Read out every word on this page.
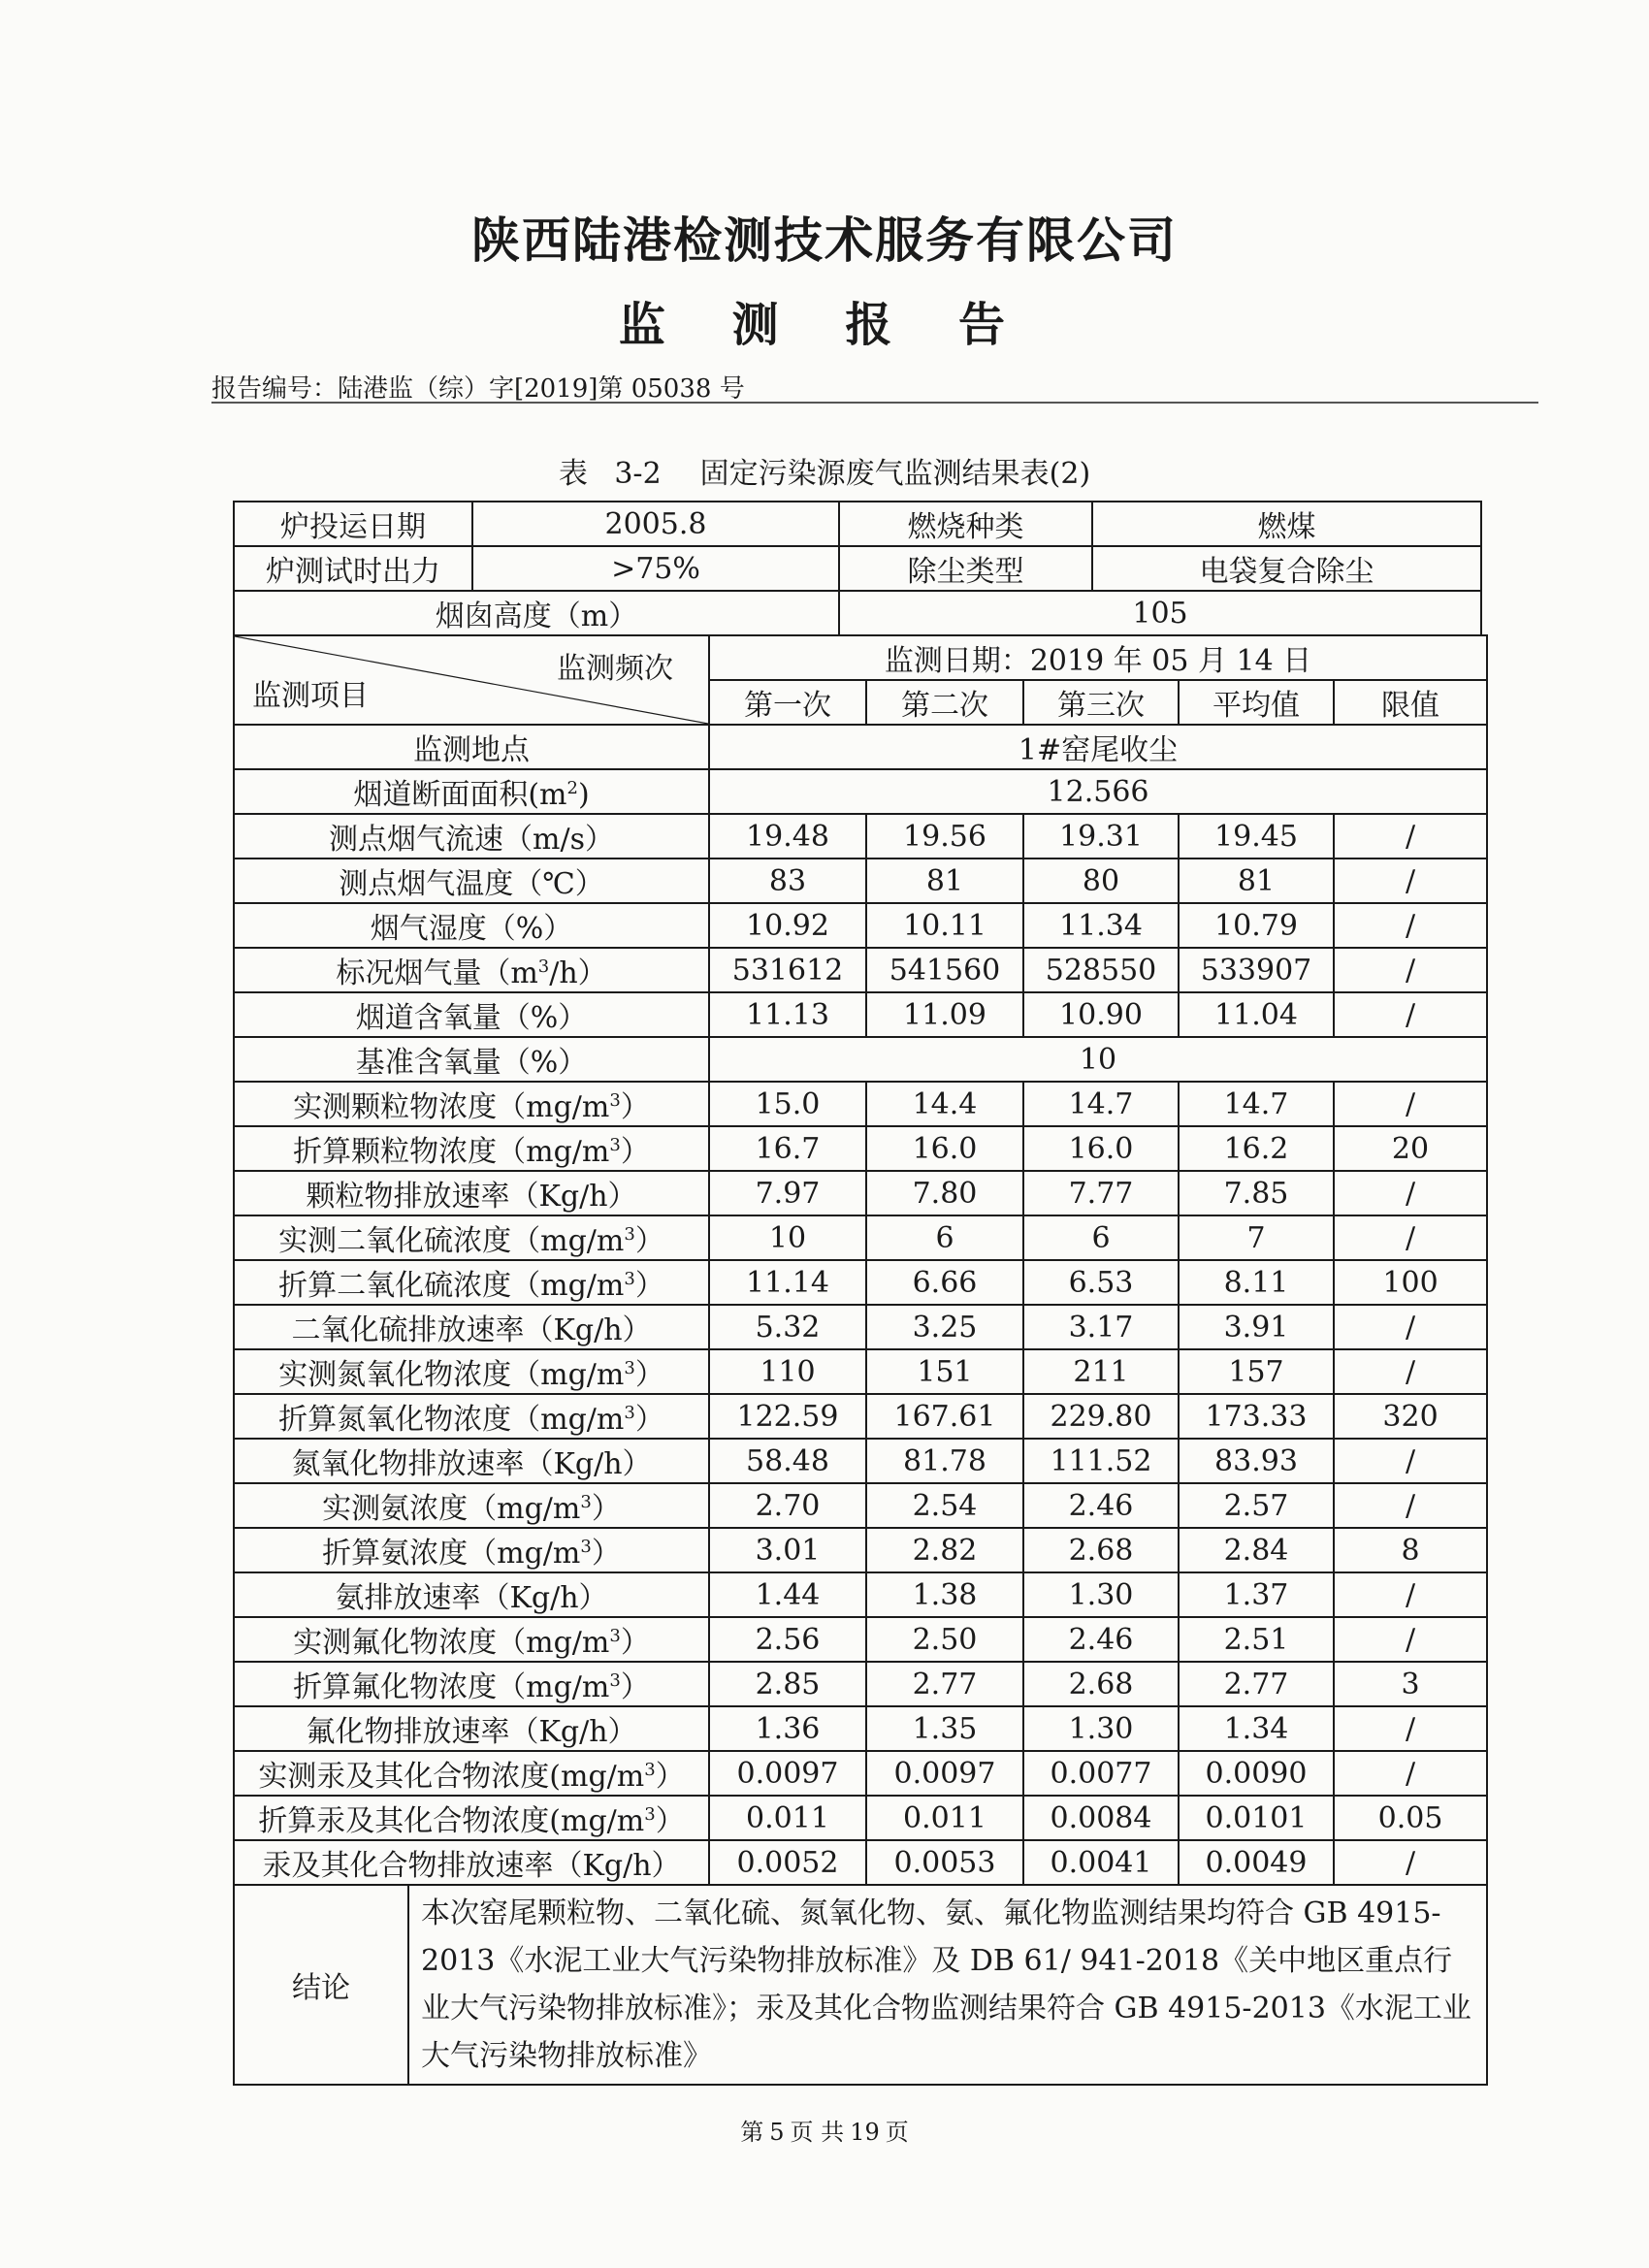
陕西陆港检测技术服务有限公司
监 测 报 告
报告编号：陆港监（综）字[2019]第 05038 号
表 3-2 固定污染源废气监测结果表(2)
炉投运日期	2005.8	燃烧种类	燃煤
炉测试时出力	>75%	除尘类型	电袋复合除尘
烟囱高度（m）		105	
监测频次
监测项目		监测日期：2019 年 05 月 14 日				
		第一次	第二次	第三次	平均值	限值
监测地点		1#窑尾收尘				
烟道断面面积$(m^2)$		12.566				
测点烟气流速（m/s）		19.48	19.56	19.31	19.45	/
测点烟气温度（℃）		83	81	80	81	/
烟气湿度（%）		10.92	10.11	11.34	10.79	/
标况烟气量$(m^3/h)$		531612	541560	528550	533907	/
烟道含氧量（%）		11.13	11.09	10.90	11.04	/
基准含氧量（%）		10				
实测颗粒物浓度$(mg/m^3)$		15.0	14.4	14.7	14.7	/
折算颗粒物浓度$(mg/m^3)$		16.7	16.0	16.0	16.2	20
颗粒物排放速率（Kg/h）		7.97	7.80	7.77	7.85	/
实测二氧化硫浓度$(mg/m^3)$		10	6	6	7	/
折算二氧化硫浓度$(mg/m^3)$		11.14	6.66	6.53	8.11	100
二氧化硫排放速率（Kg/h）		5.32	3.25	3.17	3.91	/
实测氮氧化物浓度$(mg/m^3)$		110	151	211	157	/
折算氮氧化物浓度$(mg/m^3)$		122.59	167.61	229.80	173.33	320
氮氧化物排放速率（Kg/h）		58.48	81.78	111.52	83.93	/
实测氨浓度$(mg/m^3)$		2.70	2.54	2.46	2.57	/
折算氨浓度$(mg/m^3)$		3.01	2.82	2.68	2.84	8
氨排放速率（Kg/h）		1.44	1.38	1.30	1.37	/
实测氟化物浓度$(mg/m^3)$		2.56	2.50	2.46	2.51	/
折算氟化物浓度$(mg/m^3)$		2.85	2.77	2.68	2.77	3
氟化物排放速率（Kg/h）		1.36	1.35	1.30	1.34	/
实测汞及其化合物浓度$(mg/m^3)$		0.0097	0.0097	0.0077	0.0090	/
折算汞及其化合物浓度$(mg/m^3)$		0.011	0.011	0.0084	0.0101	0.05
汞及其化合物排放速率（Kg/h）		0.0052	0.0053	0.0041	0.0049	/
结论	本次窑尾颗粒物、二氧化硫、氮氧化物、氨、氟化物监测结果均符合 GB 4915-2013《水泥工业大气污染物排放标准》及 DB 61/ 941-2018《关中地区重点行业大气污染物排放标准》；汞及其化合物监测结果符合 GB 4915-2013《水泥工业大气污染物排放标准》					
第 5 页 共 19 页
